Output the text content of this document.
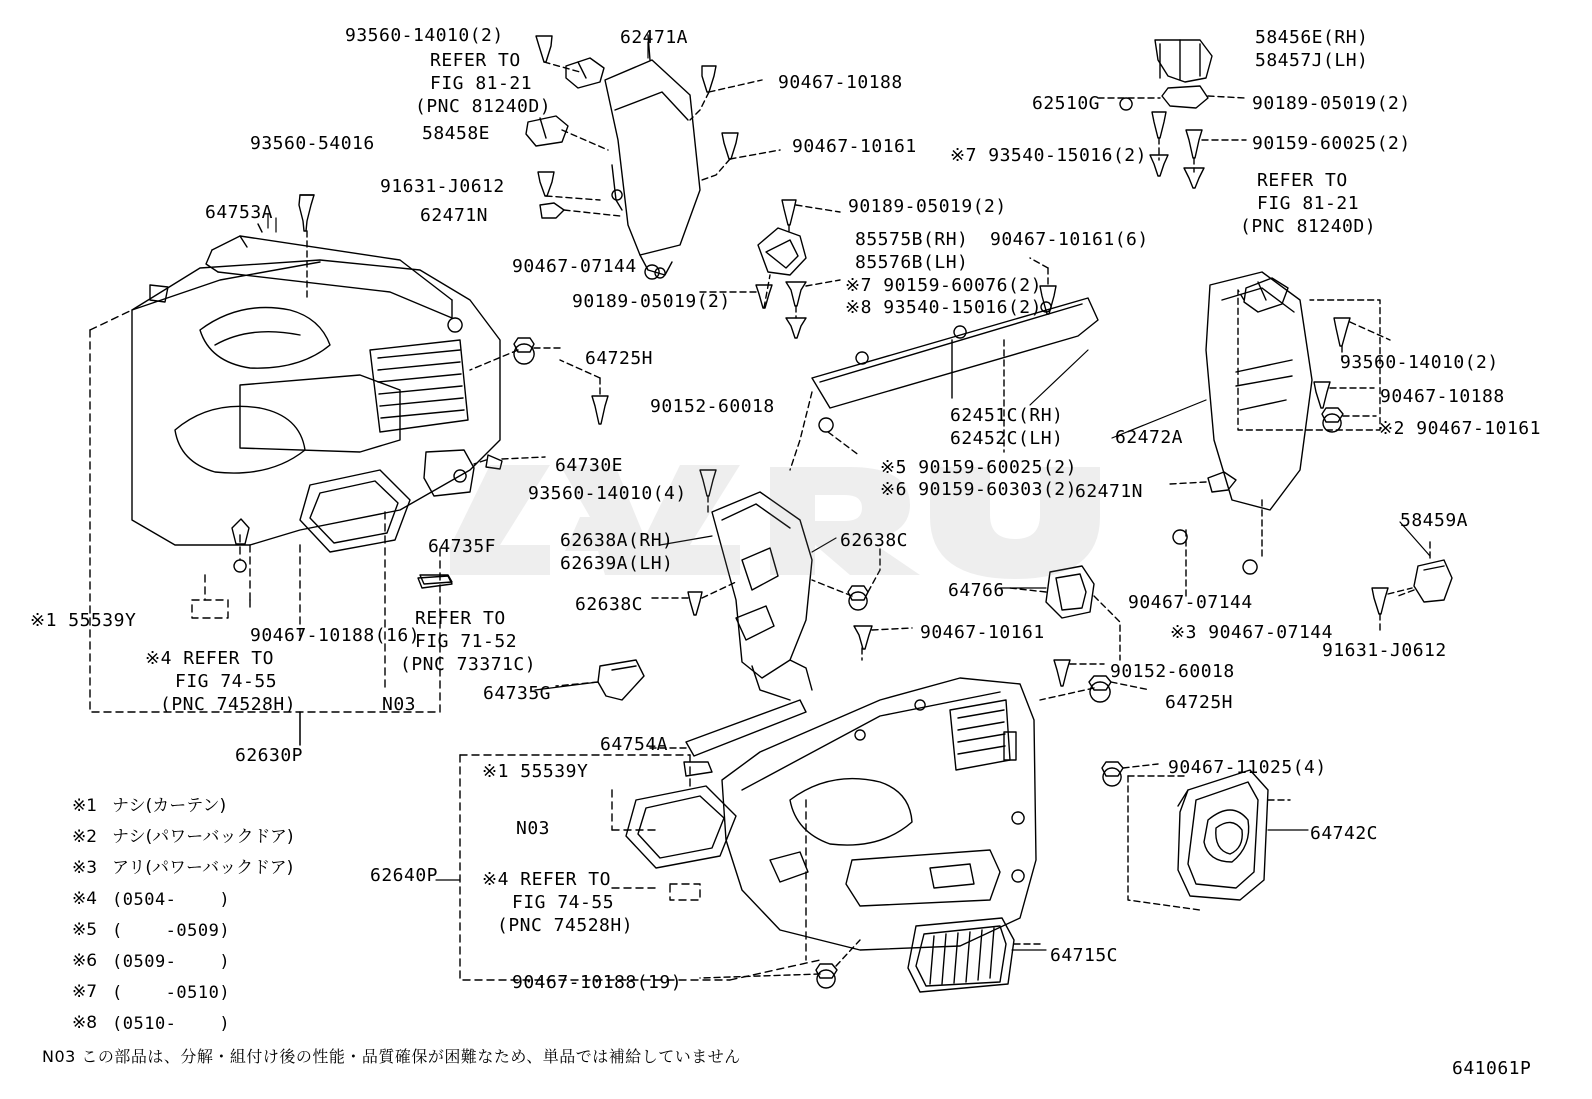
93560-14010(2)
REFER TO
FIG 81-21
(PNC 81240D)
62471A
90467-10188
58456E(RH)
58457J(LH)
62510G	90189-05019(2)
93560-54016	58458E
90467-10161	90159-60025(2)
※7 93540-15016(2)
91631-J0612
62471N
64753A
REFER TO
FIG 81-21
(PNC 81240D)
90189-05019(2)
85575B(RH)
85576B(LH)
90467-10161(6)
90467-07144
※7 90159-60076(2)
※8 93540-15016(2)
90189-05019(2)
64725H	93560-14010(2)
90152-60018	90467-10188
62451C(RH)
62452C(LH)	62472A	※2 90467-10161
64730E
93560-14010(4)
※5 90159-60025(2)
※6 90159-60303(2)
62471N
58459A
64735F	62638A(RH)
62639A(LH)
62638C
62638C
64766
90467-07144
※1 55539Y
90467-10161	※3 90467-07144
90467-10188(16)
REFER TO
FIG 71-52
(PNC 73371C)
91631-J0612
※4 REFER TO
FIG 74-55
(PNC 74528H)	N03
64735G
90152-60018
64725H
62630P
64754A
※1 55539Y	90467-11025(4)
N03	64742C
62640P ※4 REFER TO
FIG 74-55
(PNC 74528H)
64715C
90467-10188(19)
※1 ナシ(カーテン)
※2 ナシ(パワーバックドア)
※3 アリ(パワーバックドア)
※4 (0504-    )
※5 (    -0509)
※6 (0509-    )
※7 (    -0510)
※8 (0510-    )
N03 この部品は、分解・組付け後の性能・品質確保が困難なため、単品では補給していません
641061P
